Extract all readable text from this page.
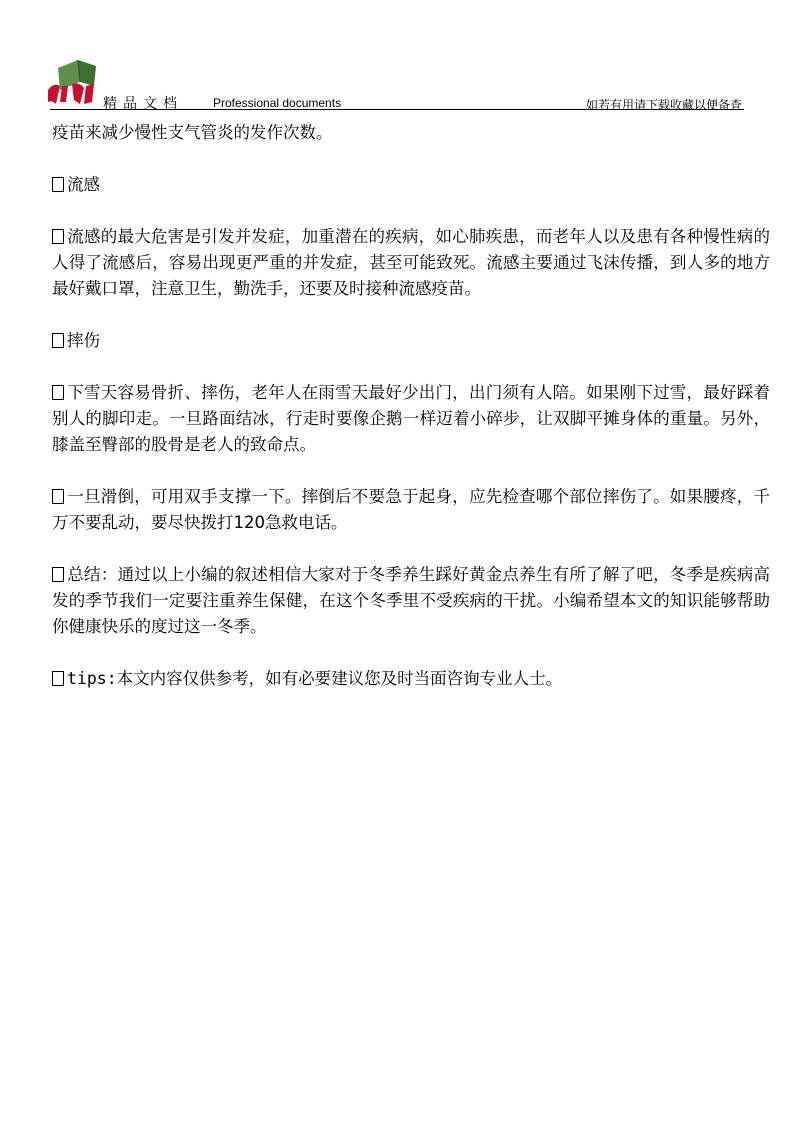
精品文档	Professional documents	如若有用请下载收藏以便备查

疫苗来减少慢性支气管炎的发作次数。

流感

流感的最大危害是引发并发症，加重潜在的疾病，如心肺疾患，而老年人以及患有各种慢性病的人得了流感后，容易出现更严重的并发症，甚至可能致死。流感主要通过飞沫传播，到人多的地方最好戴口罩，注意卫生，勤洗手，还要及时接种流感疫苗。

摔伤

下雪天容易骨折、摔伤，老年人在雨雪天最好少出门，出门须有人陪。如果刚下过雪，最好踩着别人的脚印走。一旦路面结冰，行走时要像企鹅一样迈着小碎步，让双脚平摊身体的重量。另外，膝盖至臀部的股骨是老人的致命点。

一旦滑倒，可用双手支撑一下。摔倒后不要急于起身，应先检查哪个部位摔伤了。如果腰疼，千万不要乱动，要尽快拨打120急救电话。

总结：通过以上小编的叙述相信大家对于冬季养生踩好黄金点养生有所了解了吧，冬季是疾病高发的季节我们一定要注重养生保健，在这个冬季里不受疾病的干扰。小编希望本文的知识能够帮助你健康快乐的度过这一冬季。

tips:本文内容仅供参考，如有必要建议您及时当面咨询专业人士。
